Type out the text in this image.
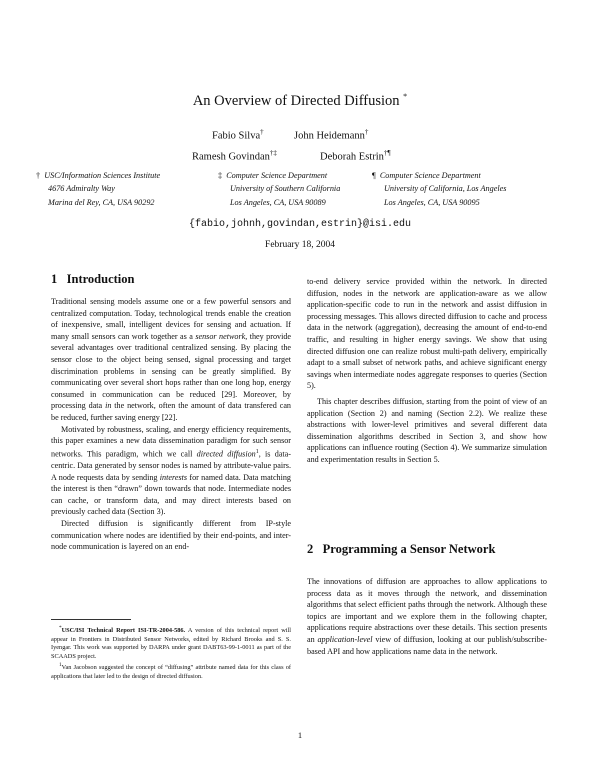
An Overview of Directed Diffusion *
Fabio Silva†	John Heidemann†
Ramesh Govindan†‡	Deborah Estrin†¶
† USC/Information Sciences Institute
4676 Admiralty Way
Marina del Rey, CA, USA 90292
‡ Computer Science Department
University of Southern California
Los Angeles, CA, USA 90089
¶ Computer Science Department
University of California, Los Angeles
Los Angeles, CA, USA 90095
{fabio,johnh,govindan,estrin}@isi.edu
February 18, 2004
1 Introduction

Traditional sensing models assume one or a few powerful sensors and centralized computation. Today, technological trends enable the creation of inexpensive, small, intelligent devices for sensing and actuation. If many small sensors can work together as a sensor network, they provide several advantages over traditional centralized sensing. By placing the sensor close to the object being sensed, signal processing and target discrimination problems in sensing can be greatly simplified. By communicating over several short hops rather than one long hop, energy consumed in communication can be reduced [29]. Moreover, by processing data in the network, often the amount of data transfered can be reduced, further saving energy [22].

Motivated by robustness, scaling, and energy efficiency requirements, this paper examines a new data dissemination paradigm for such sensor networks. This paradigm, which we call directed diffusion$^1$, is data-centric. Data generated by sensor nodes is named by attribute-value pairs. A node requests data by sending interests for named data. Data matching the interest is then “drawn” down towards that node. Intermediate nodes can cache, or transform data, and may direct interests based on previously cached data (Section 3).

Directed diffusion is significantly different from IP-style communication where nodes are identified by their end-points, and inter-node communication is layered on an end-

*USC/ISI Technical Report ISI-TR-2004-586. A version of this technical report will appear in Frontiers in Distributed Sensor Networks, edited by Richard Brooks and S. S. Iyengar. This work was supported by DARPA under grant DABT63-99-1-0011 as part of the SCAADS project.

$^1$Van Jacobson suggested the concept of “diffusing” attribute named data for this class of applications that later led to the design of directed diffusion.

to-end delivery service provided within the network. In directed diffusion, nodes in the network are application-aware as we allow application-specific code to run in the network and assist diffusion in processing messages. This allows directed diffusion to cache and process data in the network (aggregation), decreasing the amount of end-to-end traffic, and resulting in higher energy savings. We show that using directed diffusion one can realize robust multi-path delivery, empirically adapt to a small subset of network paths, and achieve significant energy savings when intermediate nodes aggregate responses to queries (Section 5).

This chapter describes diffusion, starting from the point of view of an application (Section 2) and naming (Section 2.2). We realize these abstractions with lower-level primitives and several different data dissemination algorithms described in Section 3, and show how applications can influence routing (Section 4). We summarize simulation and experimentation results in Section 5.

2 Programming a Sensor Network

The innovations of diffusion are approaches to allow applications to process data as it moves through the network, and dissemination algorithms that select efficient paths through the network. Although these topics are important and we explore them in the following chapter, applications require abstractions over these details. This section presents an application-level view of diffusion, looking at our publish/subscribe-based API and how applications name data in the network.

1
